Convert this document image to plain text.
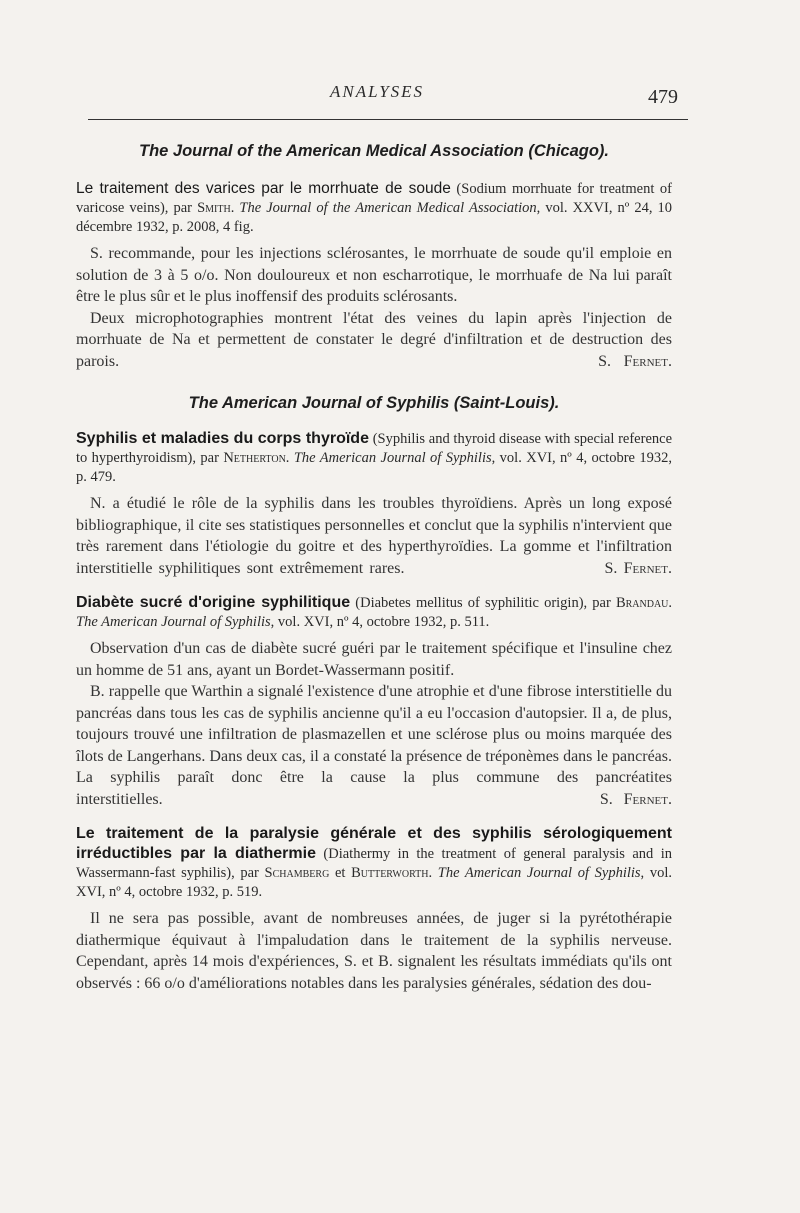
ANALYSES	479
The Journal of the American Medical Association (Chicago).

Le traitement des varices par le morrhuate de soude (Sodium morrhuate for treatment of varicose veins), par Smith. The Journal of the American Medical Association, vol. XXVI, nº 24, 10 décembre 1932, p. 2008, 4 fig.

S. recommande, pour les injections sclérosantes, le morrhuate de soude qu'il emploie en solution de 3 à 5 o/o. Non douloureux et non escharrotique, le morrhuafe de Na lui paraît être le plus sûr et le plus inoffensif des produits sclérosants.

Deux microphotographies montrent l'état des veines du lapin après l'injection de morrhuate de Na et permettent de constater le degré d'infiltration et de destruction des parois.	S. Fernet.

The American Journal of Syphilis (Saint-Louis).

Syphilis et maladies du corps thyroïde (Syphilis and thyroid disease with special reference to hyperthyroidism), par Netherton. The American Journal of Syphilis, vol. XVI, nº 4, octobre 1932, p. 479.

N. a étudié le rôle de la syphilis dans les troubles thyroïdiens. Après un long exposé bibliographique, il cite ses statistiques personnelles et conclut que la syphilis n'intervient que très rarement dans l'étiologie du goitre et des hyperthyroïdies. La gomme et l'infiltration interstitielle syphilitiques sont extrêmement rares.	S. Fernet.

Diabète sucré d'origine syphilitique (Diabetes mellitus of syphilitic origin), par Brandau. The American Journal of Syphilis, vol. XVI, nº 4, octobre 1932, p. 511.

Observation d'un cas de diabète sucré guéri par le traitement spécifique et l'insuline chez un homme de 51 ans, ayant un Bordet-Wassermann positif.

B. rappelle que Warthin a signalé l'existence d'une atrophie et d'une fibrose interstitielle du pancréas dans tous les cas de syphilis ancienne qu'il a eu l'occasion d'autopsier. Il a, de plus, toujours trouvé une infiltration de plasmazellen et une sclérose plus ou moins marquée des îlots de Langerhans. Dans deux cas, il a constaté la présence de tréponèmes dans le pancréas. La syphilis paraît donc être la cause la plus commune des pancréatites interstitielles.	S. Fernet.

Le traitement de la paralysie générale et des syphilis sérologiquement irréductibles par la diathermie (Diathermy in the treatment of general paralysis and in Wassermann-fast syphilis), par Schamberg et Butterworth. The American Journal of Syphilis, vol. XVI, nº 4, octobre 1932, p. 519.

Il ne sera pas possible, avant de nombreuses années, de juger si la pyrétothérapie diathermique équivaut à l'impaludation dans le traitement de la syphilis nerveuse. Cependant, après 14 mois d'expériences, S. et B. signalent les résultats immédiats qu'ils ont observés : 66 o/o d'améliorations notables dans les paralysies générales, sédation des dou-
